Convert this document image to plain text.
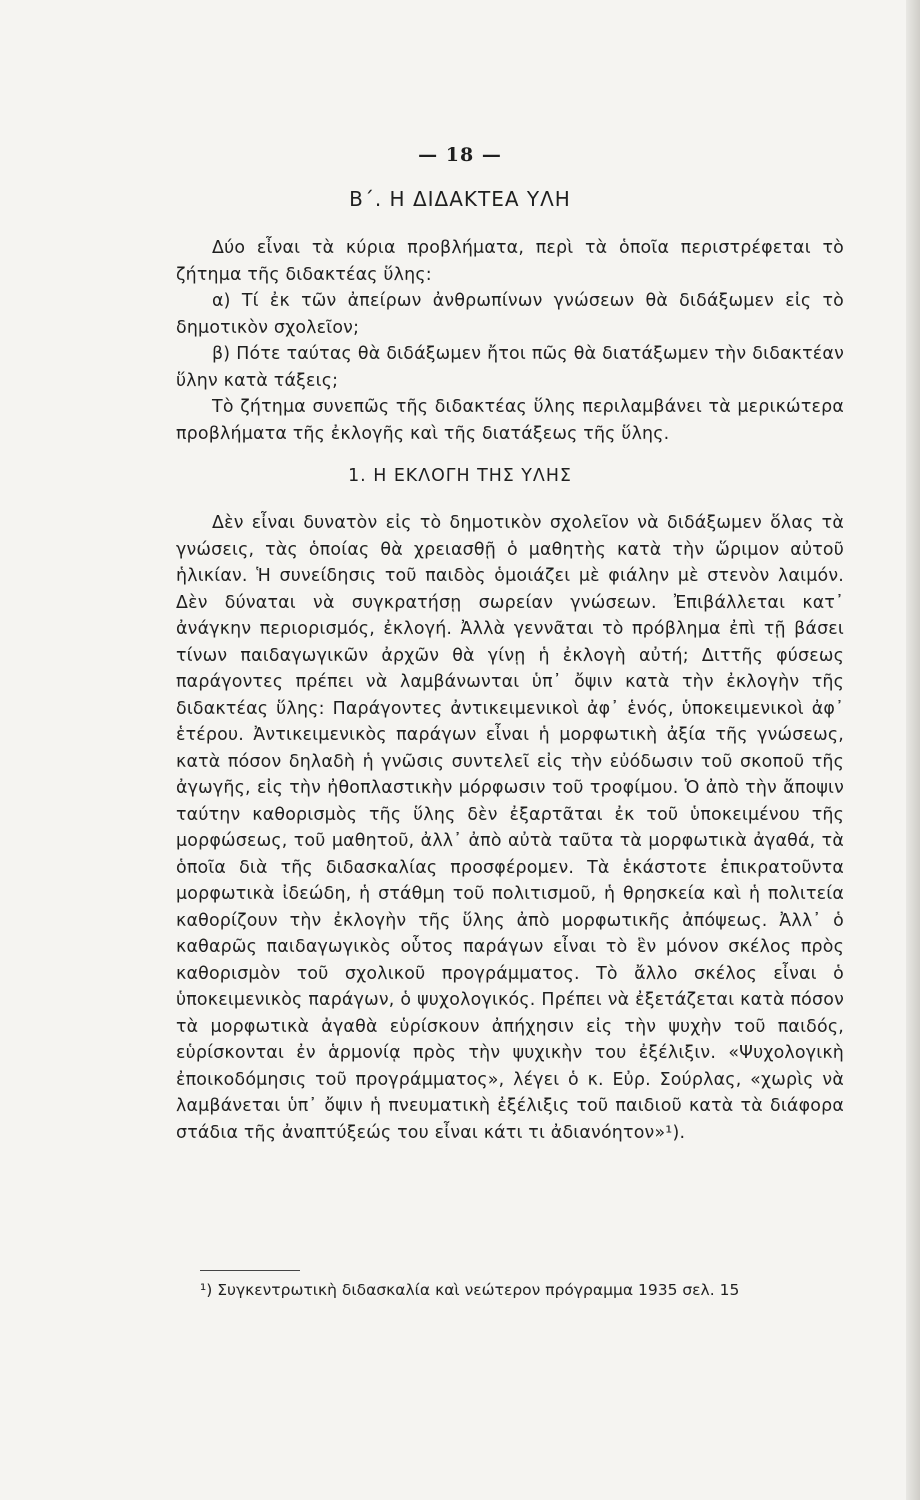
— 18 —
Β΄. Η ΔΙΔΑΚΤΕΑ ΥΛΗ

Δύο εἶναι τὰ κύρια προβλήματα, περὶ τὰ ὁποῖα περιστρέφεται τὸ ζήτημα τῆς διδακτέας ὕλης:

α) Τί ἐκ τῶν ἀπείρων ἀνθρωπίνων γνώσεων θὰ διδάξωμεν εἰς τὸ δημοτικὸν σχολεῖον;

β) Πότε ταύτας θὰ διδάξωμεν ἤτοι πῶς θὰ διατάξωμεν τὴν διδακτέαν ὕλην κατὰ τάξεις;

Τὸ ζήτημα συνεπῶς τῆς διδακτέας ὕλης περιλαμβάνει τὰ μερικώτερα προβλήματα τῆς ἐκλογῆς καὶ τῆς διατάξεως τῆς ὕλης.

1. Η ΕΚΛΟΓΗ ΤΗΣ ΥΛΗΣ

Δὲν εἶναι δυνατὸν εἰς τὸ δημοτικὸν σχολεῖον νὰ διδάξωμεν ὅλας τὰ γνώσεις, τὰς ὁποίας θὰ χρειασθῇ ὁ μαθητὴς κατὰ τὴν ὥριμον αὐτοῦ ἡλικίαν. Ἡ συνείδησις τοῦ παιδὸς ὁμοιάζει μὲ φιάλην μὲ στενὸν λαιμόν. Δὲν δύναται νὰ συγκρατήσῃ σωρείαν γνώσεων. Ἐπιβάλλεται κατ᾽ ἀνάγκην περιορισμός, ἐκλογή. Ἀλλὰ γεννᾶται τὸ πρόβλημα ἐπὶ τῇ βάσει τίνων παιδαγωγικῶν ἀρχῶν θὰ γίνῃ ἡ ἐκλογὴ αὐτή; Διττῆς φύσεως παράγοντες πρέπει νὰ λαμβάνωνται ὑπ᾽ ὄψιν κατὰ τὴν ἐκλογὴν τῆς διδακτέας ὕλης: Παράγοντες ἀντικειμενικοὶ ἀφ᾽ ἑνός, ὑποκειμενικοὶ ἀφ᾽ ἑτέρου. Ἀντικειμενικὸς παράγων εἶναι ἡ μορφωτικὴ ἀξία τῆς γνώσεως, κατὰ πόσον δηλαδὴ ἡ γνῶσις συντελεῖ εἰς τὴν εὐόδωσιν τοῦ σκοποῦ τῆς ἀγωγῆς, εἰς τὴν ἠθοπλαστικὴν μόρφωσιν τοῦ τροφίμου. Ὁ ἀπὸ τὴν ἄποψιν ταύτην καθορισμὸς τῆς ὕλης δὲν ἐξαρτᾶται ἐκ τοῦ ὑποκειμένου τῆς μορφώσεως, τοῦ μαθητοῦ, ἀλλ᾽ ἀπὸ αὐτὰ ταῦτα τὰ μορφωτικὰ ἀγαθά, τὰ ὁποῖα διὰ τῆς διδασκαλίας προσφέρομεν. Τὰ ἑκάστοτε ἐπικρατοῦντα μορφωτικὰ ἰδεώδη, ἡ στάθμη τοῦ πολιτισμοῦ, ἡ θρησκεία καὶ ἡ πολιτεία καθορίζουν τὴν ἐκλογὴν τῆς ὕλης ἀπὸ μορφωτικῆς ἀπόψεως. Ἀλλ᾽ ὁ καθαρῶς παιδαγωγικὸς οὗτος παράγων εἶναι τὸ ἓν μόνον σκέλος πρὸς καθορισμὸν τοῦ σχολικοῦ προγράμματος. Τὸ ἄλλο σκέλος εἶναι ὁ ὑποκειμενικὸς παράγων, ὁ ψυχολογικός. Πρέπει νὰ ἐξετάζεται κατὰ πόσον τὰ μορφωτικὰ ἀγαθὰ εὑρίσκουν ἀπήχησιν εἰς τὴν ψυχὴν τοῦ παιδός, εὑρίσκονται ἐν ἁρμονίᾳ πρὸς τὴν ψυχικὴν του ἐξέλιξιν. «Ψυχολογικὴ ἐποικοδόμησις τοῦ προγράμματος», λέγει ὁ κ. Εὐρ. Σούρλας, «χωρὶς νὰ λαμβάνεται ὑπ᾽ ὄψιν ἡ πνευματικὴ ἐξέλιξις τοῦ παιδιοῦ κατὰ τὰ διάφορα στάδια τῆς ἀναπτύξεώς του εἶναι κάτι τι ἀδιανόητον»¹).

¹) Συγκεντρωτικὴ διδασκαλία καὶ νεώτερον πρόγραμμα 1935 σελ. 15
